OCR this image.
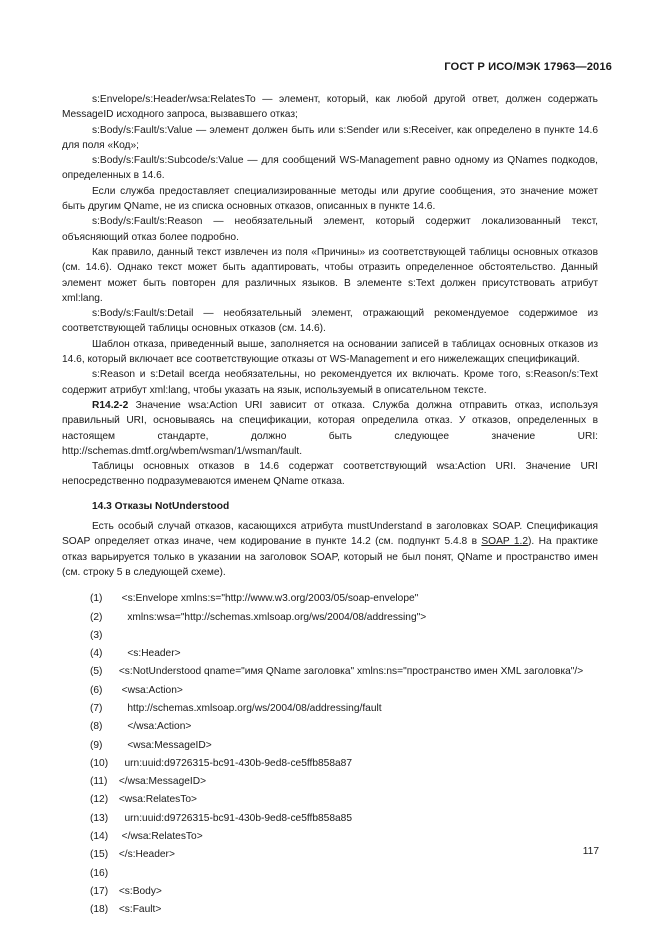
ГОСТ Р ИСО/МЭК 17963—2016

s:Envelope/s:Header/wsa:RelatesTo — элемент, который, как любой другой ответ, должен содержать MessageID исходного запроса, вызвавшего отказ;

s:Body/s:Fault/s:Value — элемент должен быть или s:Sender или s:Receiver, как определено в пункте 14.6 для поля «Код»;

s:Body/s:Fault/s:Subcode/s:Value — для сообщений WS-Management равно одному из QNames подкодов, определенных в 14.6.

Если служба предоставляет специализированные методы или другие сообщения, это значение может быть другим QName, не из списка основных отказов, описанных в пункте 14.6.

s:Body/s:Fault/s:Reason — необязательный элемент, который содержит локализованный текст, объясняющий отказ более подробно.

Как правило, данный текст извлечен из поля «Причины» из соответствующей таблицы основных отказов (см. 14.6). Однако текст может быть адаптировать, чтобы отразить определенное обстоятельство. Данный элемент может быть повторен для различных языков. В элементе s:Text должен присутствовать атрибут xml:lang.

s:Body/s:Fault/s:Detail — необязательный элемент, отражающий рекомендуемое содержимое из соответствующей таблицы основных отказов (см. 14.6).

Шаблон отказа, приведенный выше, заполняется на основании записей в таблицах основных отказов из 14.6, который включает все соответствующие отказы от WS-Management и его нижележащих спецификаций.

s:Reason и s:Detail всегда необязательны, но рекомендуется их включать. Кроме того, s:Reason/s:Text содержит атрибут xml:lang, чтобы указать на язык, используемый в описательном тексте.

R14.2-2 Значение wsa:Action URI зависит от отказа. Служба должна отправить отказ, используя правильный URI, основываясь на спецификации, которая определила отказ. У отказов, определенных в настоящем стандарте, должно быть следующее значение URI: http://schemas.dmtf.org/wbem/wsman/1/wsman/fault.

Таблицы основных отказов в 14.6 содержат соответствующий wsa:Action URI. Значение URI непосредственно подразумеваются именем QName отказа.

14.3 Отказы NotUnderstood

Есть особый случай отказов, касающихся атрибута mustUnderstand в заголовках SOAP. Спецификация SOAP определяет отказ иначе, чем кодирование в пункте 14.2 (см. подпункт 5.4.8 в SOAP 1.2). На практике отказ варьируется только в указании на заголовок SOAP, который не был понят, QName и пространство имен (см. строку 5 в следующей схеме).

(1)	<s:Envelope xmlns:s="http://www.w3.org/2003/05/soap-envelope"
(2)	xmlns:wsa="http://schemas.xmlsoap.org/ws/2004/08/addressing">
(3)
(4)	<s:Header>
(5)	<s:NotUnderstood qname="имя QName заголовка" xmlns:ns="пространство имен XML заголовка"/>
(6)	<wsa:Action>
(7)	http://schemas.xmlsoap.org/ws/2004/08/addressing/fault
(8)	</wsa:Action>
(9)	<wsa:MessageID>
(10) urn:uuid:d9726315-bc91-430b-9ed8-ce5ffb858a87
(11) </wsa:MessageID>
(12) <wsa:RelatesTo>
(13) urn:uuid:d9726315-bc91-430b-9ed8-ce5ffb858a85
(14) </wsa:RelatesTo>
(15) </s:Header>
(16)
(17) <s:Body>
(18) <s:Fault>
117
